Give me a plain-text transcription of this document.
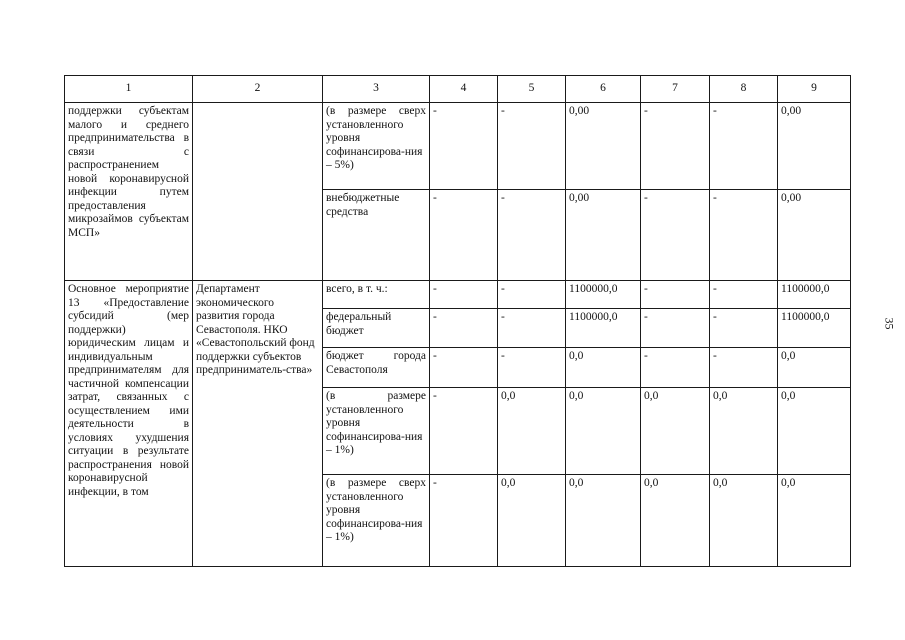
1	2	3	4	5	6	7	8	9
поддержки субъектам малого и среднего предпринимательства в связи с распространением новой коронавирусной инфекции путем предоставления микрозаймов субъектам МСП»		(в размере сверх установленного уровня софинансирова-ния – 5%)	-	-	0,00	-	-	0,00
		внебюджетные средства	-	-	0,00	-	-	0,00
Основное мероприятие 13 «Предоставление субсидий (мер поддержки) юридическим лицам и индивидуальным предпринимателям для частичной компенсации затрат, связанных с осуществлением ими деятельности в условиях ухудшения ситуации в результате распространения новой коронавирусной инфекции, в том	Департамент экономического развития города Севастополя. НКО «Севастопольский фонд поддержки субъектов предприниматель-ства»	всего, в т. ч.:	-	-	1100000,0	-	-	1100000,0
		федеральный бюджет	-	-	1100000,0	-	-	1100000,0
		бюджет города Севастополя	-	-	0,0	-	-	0,0
		(в размере установленного уровня софинансирова-ния – 1%)	-	0,0	0,0	0,0	0,0	0,0
		(в размере сверх установленного уровня софинансирова-ния – 1%)	-	0,0	0,0	0,0	0,0	0,0
35
